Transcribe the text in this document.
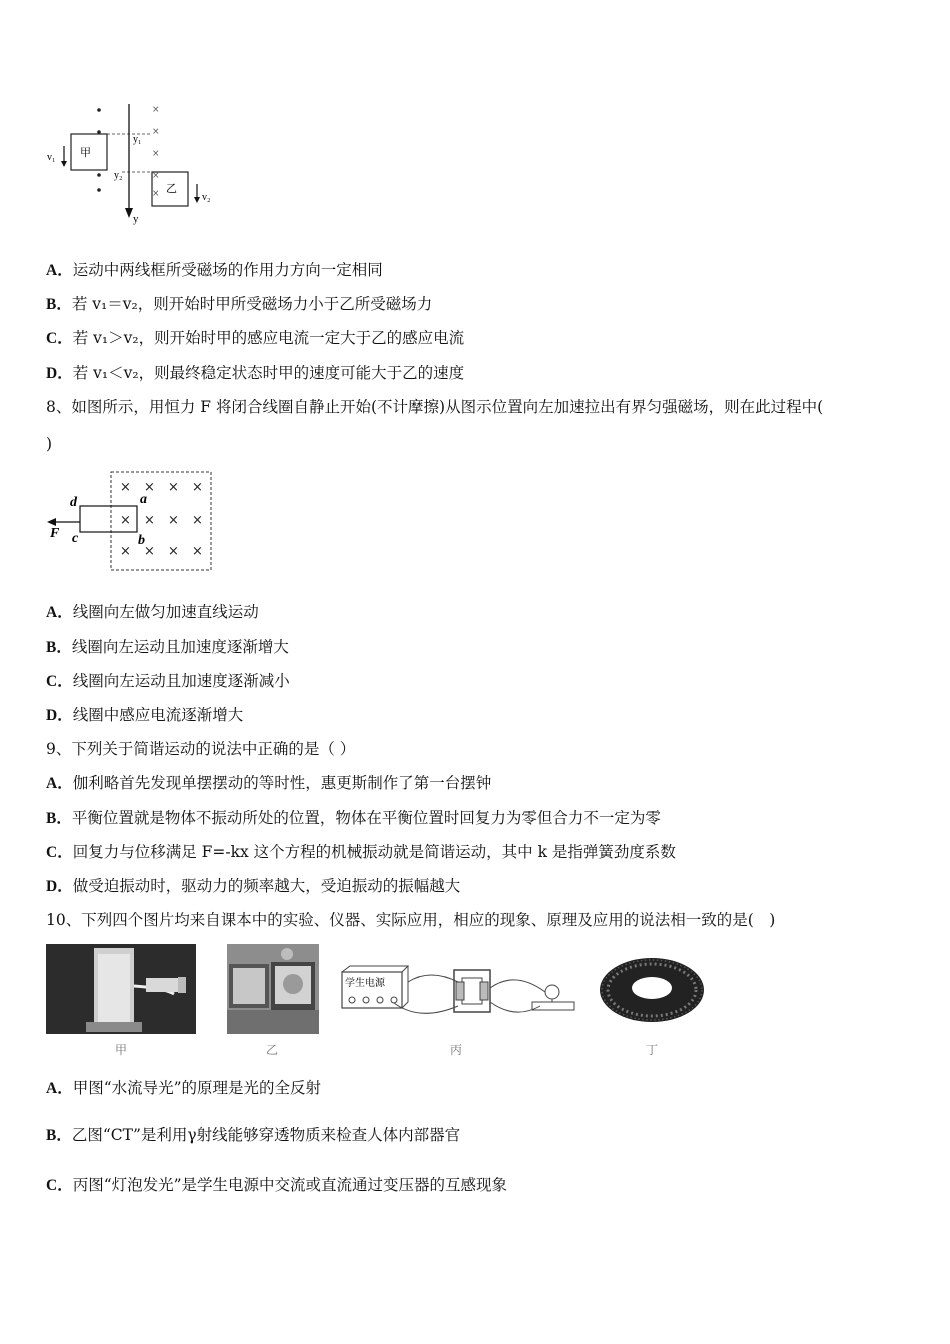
×
×
×
×
×
甲
乙
v₁
v₂
y₁
y₂
y
A．运动中两线框所受磁场的作用力方向一定相同
B．若 v₁＝v₂，则开始时甲所受磁场力小于乙所受磁场力
C．若 v₁＞v₂，则开始时甲的感应电流一定大于乙的感应电流
D．若 v₁＜v₂，则最终稳定状态时甲的速度可能大于乙的速度
8、如图所示，用恒力 F 将闭合线圈自静止开始(不计摩擦)从图示位置向左加速拉出有界匀强磁场，则在此过程中(
)
× × × ×
× × × ×
× × × ×
d	a
c	b
F
A．线圈向左做匀加速直线运动
B．线圈向左运动且加速度逐渐增大
C．线圈向左运动且加速度逐渐减小
D．线圈中感应电流逐渐增大
9、下列关于简谐运动的说法中正确的是（ ）
A．伽利略首先发现单摆摆动的等时性，惠更斯制作了第一台摆钟
B．平衡位置就是物体不振动所处的位置，物体在平衡位置时回复力为零但合力不一定为零
C．回复力与位移满足 F=-kx 这个方程的机械振动就是简谐运动，其中 k 是指弹簧劲度系数
D．做受迫振动时，驱动力的频率越大，受迫振动的振幅越大
10、下列四个图片均来自课本中的实验、仪器、实际应用，相应的现象、原理及应用的说法相一致的是(　)
甲	乙
学生电源
丙	丁
A．甲图“水流导光”的原理是光的全反射
B．乙图“CT”是利用γ射线能够穿透物质来检查人体内部器官
C．丙图“灯泡发光”是学生电源中交流或直流通过变压器的互感现象
